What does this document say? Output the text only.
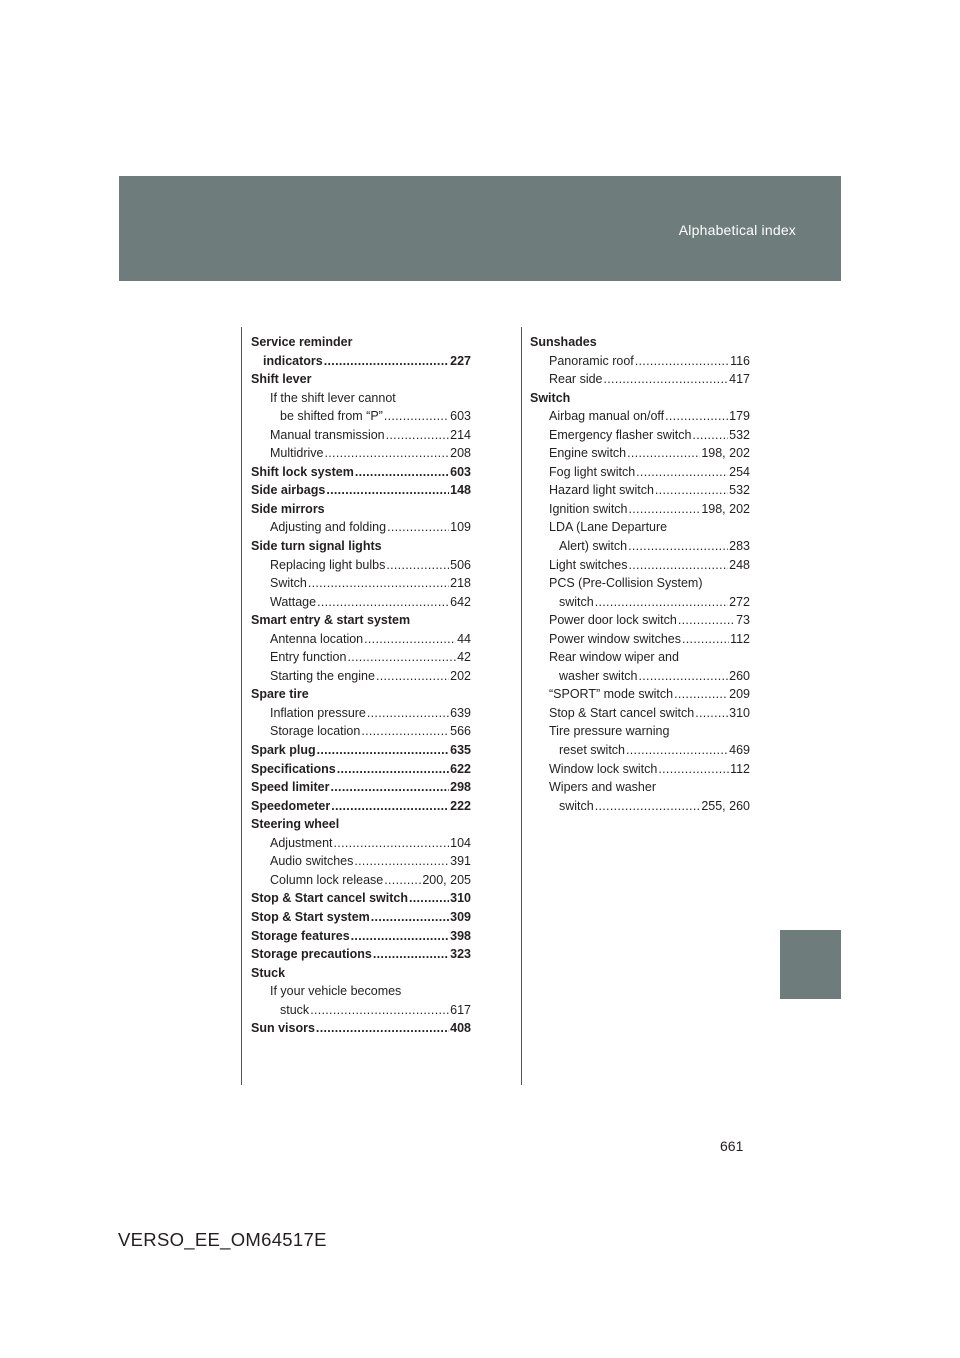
Alphabetical index
Service reminder
indicators .....	227
Shift lever
If the shift lever cannot
be shifted from “P” .....	603
Manual transmission .....	214
Multidrive .....	208
Shift lock system .....	603
Side airbags .....	148
Side mirrors
Adjusting and folding .....	109
Side turn signal lights
Replacing light bulbs .....	506
Switch .....	218
Wattage .....	642
Smart entry & start system
Antenna location .....	44
Entry function .....	42
Starting the engine .....	202
Spare tire
Inflation pressure .....	639
Storage location .....	566
Spark plug .....	635
Specifications .....	622
Speed limiter .....	298
Speedometer .....	222
Steering wheel
Adjustment .....	104
Audio switches .....	391
Column lock release .....	200, 205
Stop & Start cancel switch .....	310
Stop & Start system .....	309
Storage features .....	398
Storage precautions .....	323
Stuck
If your vehicle becomes
stuck .....	617
Sun visors .....	408
Sunshades
Panoramic roof .....	116
Rear side .....	417
Switch
Airbag manual on/off .....	179
Emergency flasher switch .....	532
Engine switch .....	198, 202
Fog light switch .....	254
Hazard light switch .....	532
Ignition switch .....	198, 202
LDA (Lane Departure
Alert) switch .....	283
Light switches .....	248
PCS (Pre-Collision System)
switch .....	272
Power door lock switch .....	73
Power window switches .....	112
Rear window wiper and
washer switch .....	260
“SPORT” mode switch .....	209
Stop & Start cancel switch .....	310
Tire pressure warning
reset switch .....	469
Window lock switch .....	112
Wipers and washer
switch .....	255, 260
661
VERSO_EE_OM64517E
